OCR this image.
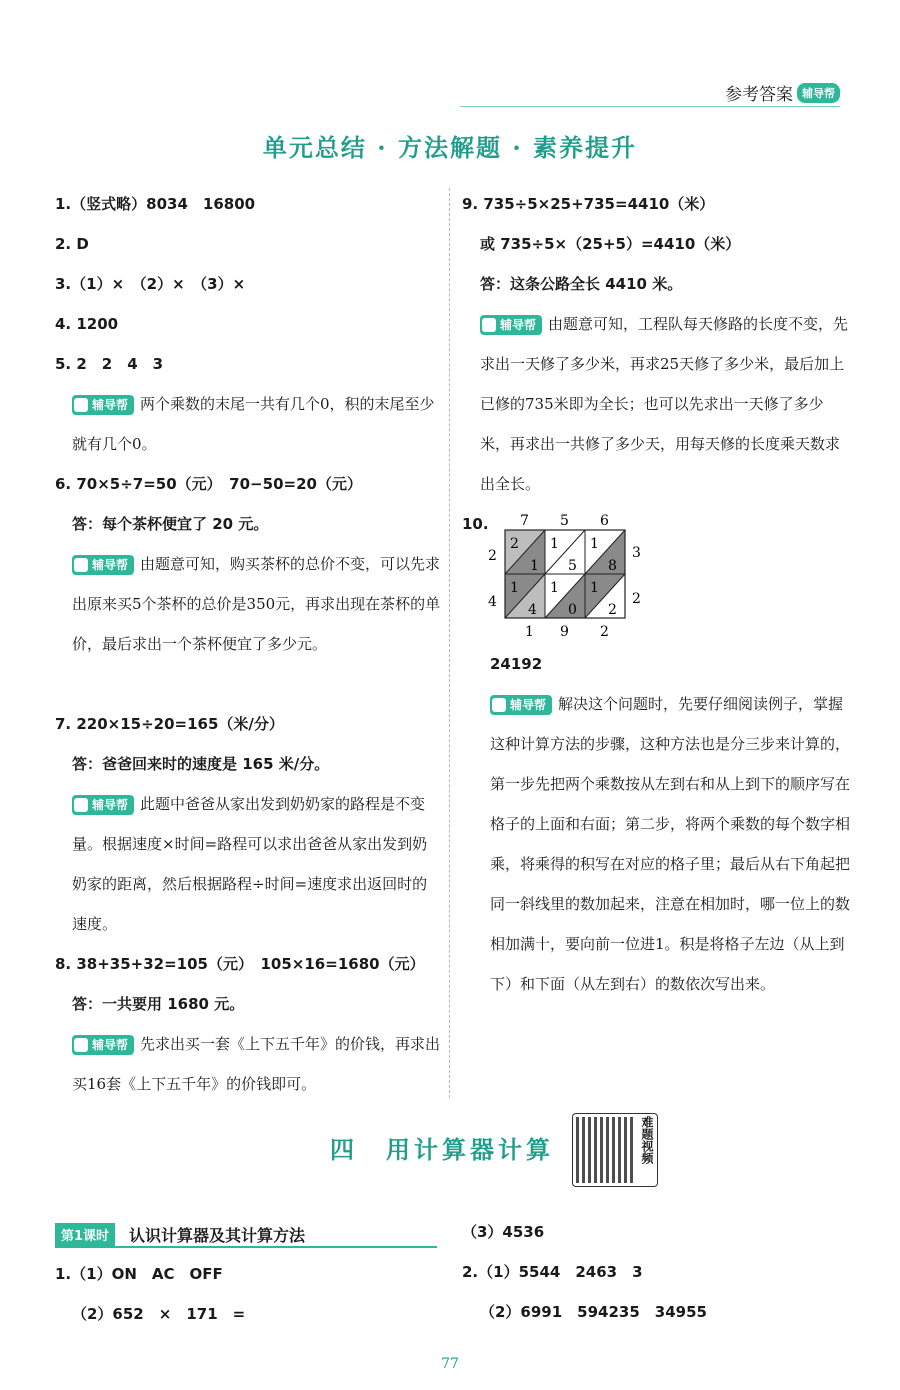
参考答案 辅导帮
单元总结 · 方法解题 · 素养提升
1.（竖式略）8034　16800
2. D
3.（1）×　（2）×　（3）×
4. 1200
5. 2　2　4　3
辅导帮 两个乘数的末尾一共有几个0，积的末尾至少就有几个0。
6. 70×5÷7=50（元）　70−50=20（元）
答：每个茶杯便宜了 20 元。
辅导帮 由题意可知，购买茶杯的总价不变，可以先求出原来买5个茶杯的总价是350元，再求出现在茶杯的单价，最后求出一个茶杯便宜了多少元。
7. 220×15÷20=165（米/分）
答：爸爸回来时的速度是 165 米/分。
辅导帮 此题中爸爸从家出发到奶奶家的路程是不变量。根据速度×时间=路程可以求出爸爸从家出发到奶奶家的距离，然后根据路程÷时间=速度求出返回时的速度。
8. 38+35+32=105（元）　105×16=1680（元）
答：一共要用 1680 元。
辅导帮 先求出买一套《上下五千年》的价钱，再求出买16套《上下五千年》的价钱即可。
9. 735÷5×25+735=4410（米）
或 735÷5×（25+5）=4410（米）
答：这条公路全长 4410 米。
辅导帮 由题意可知，工程队每天修路的长度不变，先求出一天修了多少米，再求25天修了多少米，最后加上已修的735米即为全长；也可以先求出一天修了多少米，再求出一共修了多少天，用每天修的长度乘天数求出全长。
10. 7 5 6
2
4
3
2
1 9 2
2
1
1
5
1
8
1
4
1
0
1
2
24192
辅导帮 解决这个问题时，先要仔细阅读例子，掌握这种计算方法的步骤，这种方法也是分三步来计算的，第一步先把两个乘数按从左到右和从上到下的顺序写在格子的上面和右面；第二步，将两个乘数的每个数字相乘，将乘得的积写在对应的格子里；最后从右下角起把同一斜线里的数加起来，注意在相加时，哪一位上的数相加满十，要向前一位进1。积是将格子左边（从上到下）和下面（从左到右）的数依次写出来。
四　用计算器计算	难题视频
第1课时	认识计算器及其计算方法
1.（1）ON　AC　OFF
（2）652　×　171　=
（3）4536
2.（1）5544　2463　3
（2）6991　594235　34955
77
